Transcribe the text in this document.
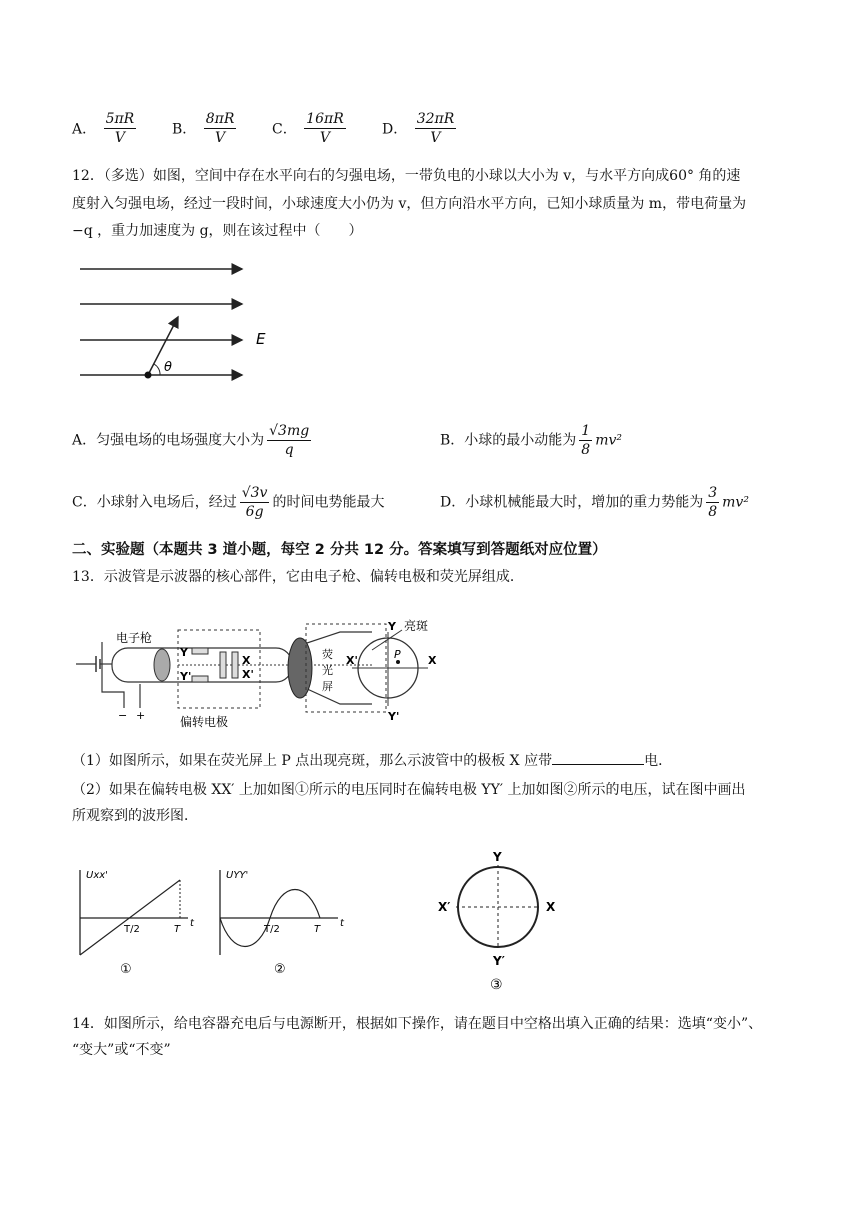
A． $\frac{5\pi R}{V}$	B． $\frac{8\pi R}{V}$	C． $\frac{16\pi R}{V}$	D． $\frac{32\pi R}{V}$
12．（多选）如图，空间中存在水平向右的匀强电场，一带负电的小球以大小为 v，与水平方向成60° 角的速
度射入匀强电场，经过一段时间，小球速度大小仍为 v，但方向沿水平方向，已知小球质量为 m，带电荷量为
−q ，重力加速度为 g，则在该过程中（　　）
θ
E
A．匀强电场的电场强度大小为 $\frac{√3mg}{q}$	B．小球的最小动能为 $\frac{1}{8} mv^2$
C．小球射入电场后，经过 $\frac{√3v}{6g}$ 的时间电势能最大	D．小球机械能最大时，增加的重力势能为 $\frac{3}{8} mv^2$
二、实验题（本题共 3 道小题，每空 2 分共 12 分。答案填写到答题纸对应位置）
13．示波管是示波器的核心部件，它由电子枪、偏转电极和荧光屏组成．
− +
电子枪
Y
Y'
X
X'
偏转电极
荧
光
屏
Y
Y'
X'	X
P
亮斑
（1）如图所示，如果在荧光屏上 P 点出现亮斑，那么示波管中的极板 X 应带	电．
（2）如果在偏转电极 XX′ 上加如图①所示的电压同时在偏转电极 YY′ 上加如图②所示的电压，试在图中画出
所观察到的波形图．
Uxx'
t
T/2	T
①
UYY'
t
T/2	T
②
Y
Y′
X′	X
③
14．如图所示，给电容器充电后与电源断开，根据如下操作，请在题目中空格出填入正确的结果：选填“变小”、
“变大”或“不变”
